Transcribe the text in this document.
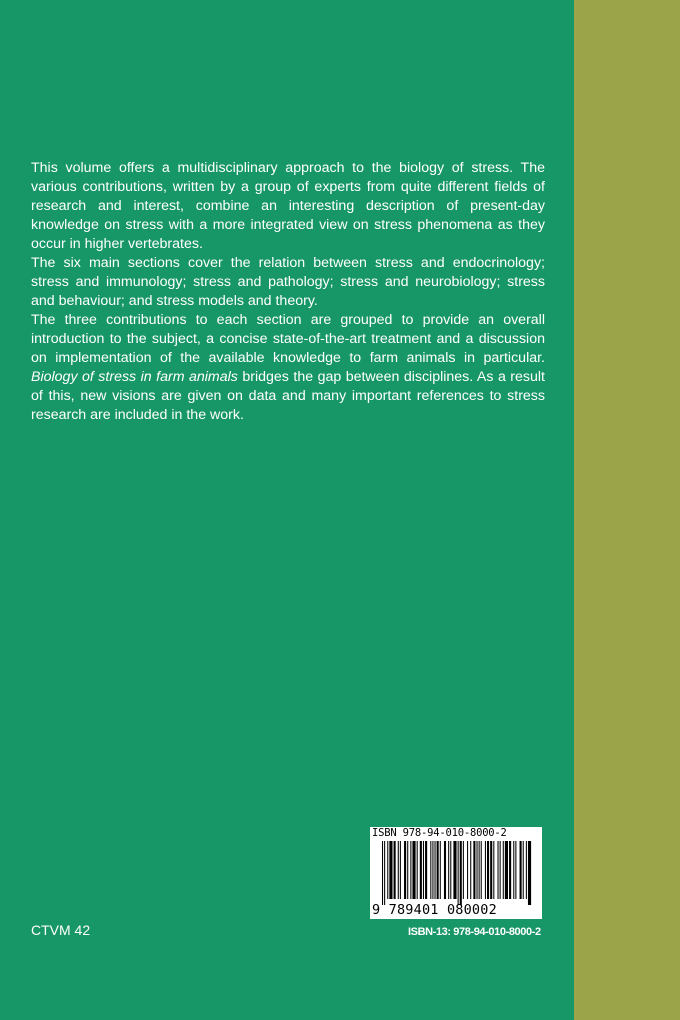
This volume offers a multidisciplinary approach to the biology of stress. The various contributions, written by a group of experts from quite different fields of research and interest, combine an interesting description of present-day knowledge on stress with a more integrated view on stress phenomena as they occur in higher vertebrates.

The six main sections cover the relation between stress and endocrinology; stress and immunology; stress and pathology; stress and neurobiology; stress and behaviour; and stress models and theory.

The three contributions to each section are grouped to provide an overall introduction to the subject, a concise state-of-the-art treatment and a discussion on implementation of the available knowledge to farm animals in particular. Biology of stress in farm animals bridges the gap between disciplines. As a result of this, new visions are given on data and many important references to stress research are included in the work.

CTVM 42
ISBN 978-94-010-8000-2
9 789401 080002
ISBN-13: 978-94-010-8000-2
